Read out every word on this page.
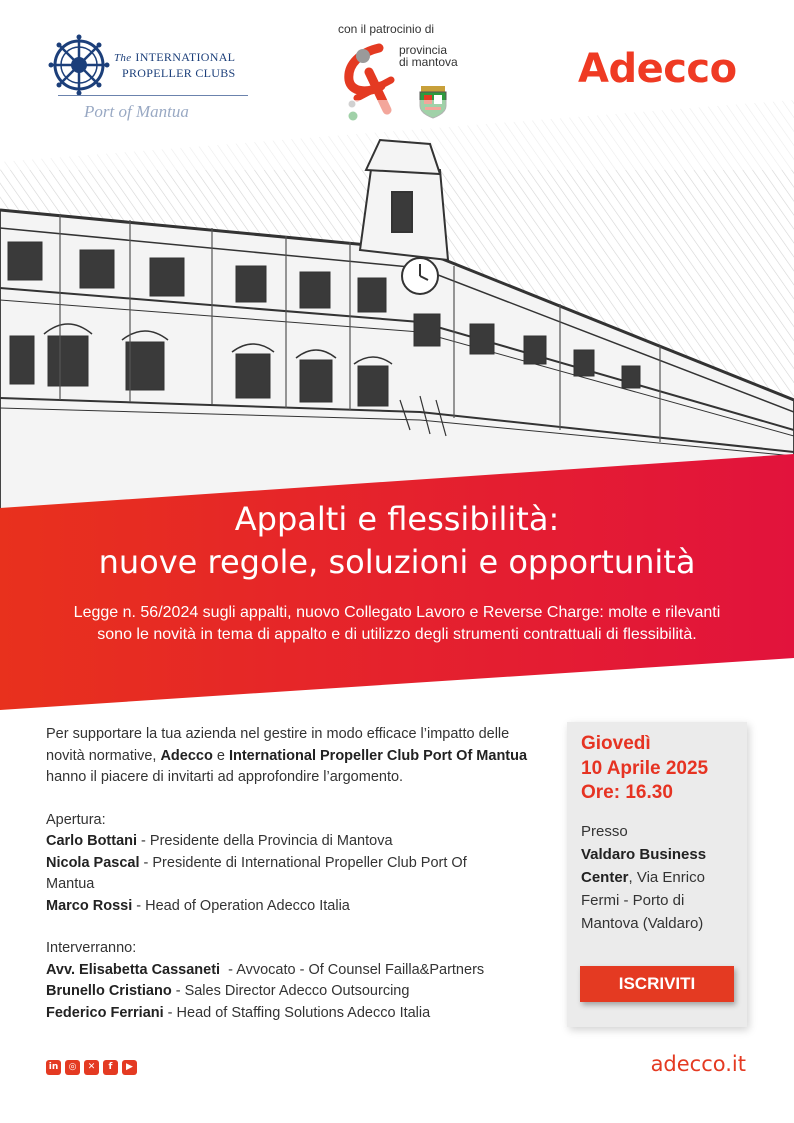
The INTERNATIONAL
PROPELLER CLUBS
con il patrocinio di
provincia
di mantova	Adecco
Appalti e flessibilità:
nuove regole, soluzioni e opportunità
Legge n. 56/2024 sugli appalti, nuovo Collegato Lavoro e Reverse Charge: molte e rilevanti
sono le novità in tema di appalto e di utilizzo degli strumenti contrattuali di flessibilità.

Per supportare la tua azienda nel gestire in modo efficace l’impatto delle novità normative, Adecco e International Propeller Club Port Of Mantua hanno il piacere di invitarti ad approfondire l’argomento.

Apertura:

Carlo Bottani - Presidente della Provincia di Mantova

Nicola Pascal - Presidente di International Propeller Club Port Of Mantua

Marco Rossi - Head of Operation Adecco Italia

Interverranno:

Avv. Elisabetta Cassaneti  - Avvocato - Of Counsel Failla&Partners

Brunello Cristiano - Sales Director Adecco Outsourcing

Federico Ferriani - Head of Staffing Solutions Adecco Italia

Giovedì
10 Aprile 2025
Ore: 16.30
Presso
Valdaro Business Center, Via Enrico Fermi - Porto di Mantova (Valdaro)
ISCRIVITI
in	◎	✕	f	▶	adecco.it
